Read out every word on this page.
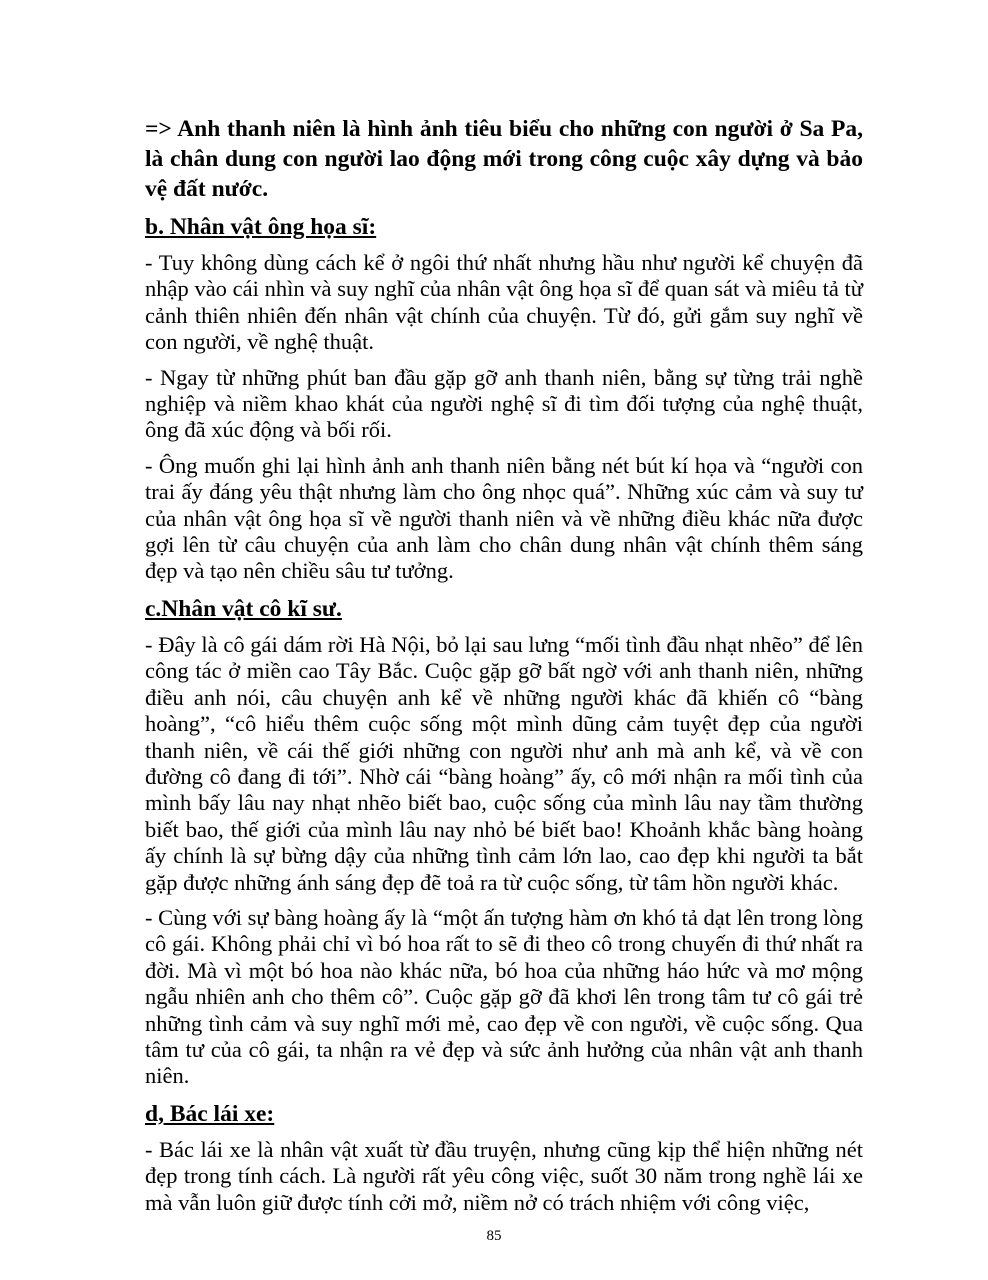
=> Anh thanh niên là hình ảnh tiêu biểu cho những con người ở Sa Pa, là chân dung con người lao động mới trong công cuộc xây dựng và bảo vệ đất nước.

b. Nhân vật ông họa sĩ:

- Tuy không dùng cách kể ở ngôi thứ nhất nhưng hầu như người kể chuyện đã nhập vào cái nhìn và suy nghĩ của nhân vật ông họa sĩ để quan sát và miêu tả từ cảnh thiên nhiên đến nhân vật chính của chuyện. Từ đó, gửi gắm suy nghĩ về con người, về nghệ thuật.

- Ngay từ những phút ban đầu gặp gỡ anh thanh niên, bằng sự từng trải nghề nghiệp và niềm khao khát của người nghệ sĩ đi tìm đối tượng của nghệ thuật, ông đã xúc động và bối rối.

- Ông muốn ghi lại hình ảnh anh thanh niên bằng nét bút kí họa và “người con trai ấy đáng yêu thật nhưng làm cho ông nhọc quá”. Những xúc cảm và suy tư của nhân vật ông họa sĩ về người thanh niên và về những điều khác nữa được gợi lên từ câu chuyện của anh làm cho chân dung nhân vật chính thêm sáng đẹp và tạo nên chiều sâu tư tưởng.

c.Nhân vật cô kĩ sư.

- Đây là cô gái dám rời Hà Nội, bỏ lại sau lưng “mối tình đầu nhạt nhẽo” để lên công tác ở miền cao Tây Bắc. Cuộc gặp gỡ bất ngờ với anh thanh niên, những điều anh nói, câu chuyện anh kể về những người khác đã khiến cô “bàng hoàng”, “cô hiểu thêm cuộc sống một mình dũng cảm tuyệt đẹp của người thanh niên, về cái thế giới những con người như anh mà anh kể, và về con đường cô đang đi tới”. Nhờ cái “bàng hoàng” ấy, cô mới nhận ra mối tình của mình bấy lâu nay nhạt nhẽo biết bao, cuộc sống của mình lâu nay tầm thường biết bao, thế giới của mình lâu nay nhỏ bé biết bao! Khoảnh khắc bàng hoàng ấy chính là sự bừng dậy của những tình cảm lớn lao, cao đẹp khi người ta bắt gặp được những ánh sáng đẹp đẽ toả ra từ cuộc sống, từ tâm hồn người khác.

- Cùng với sự bàng hoàng ấy là “một ấn tượng hàm ơn khó tả dạt lên trong lòng cô gái. Không phải chỉ vì bó hoa rất to sẽ đi theo cô trong chuyến đi thứ nhất ra đời. Mà vì một bó hoa nào khác nữa, bó hoa của những háo hức và mơ mộng ngẫu nhiên anh cho thêm cô”. Cuộc gặp gỡ đã khơi lên trong tâm tư cô gái trẻ những tình cảm và suy nghĩ mới mẻ, cao đẹp về con người, về cuộc sống. Qua tâm tư của cô gái, ta nhận ra vẻ đẹp và sức ảnh hưởng của nhân vật anh thanh niên.

d, Bác lái xe:

- Bác lái xe là nhân vật xuất từ đầu truyện, nhưng cũng kịp thể hiện những nét đẹp trong tính cách. Là người rất yêu công việc, suốt 30 năm trong nghề lái xe mà vẫn luôn giữ được tính cởi mở, niềm nở có trách nhiệm với công việc,

85
